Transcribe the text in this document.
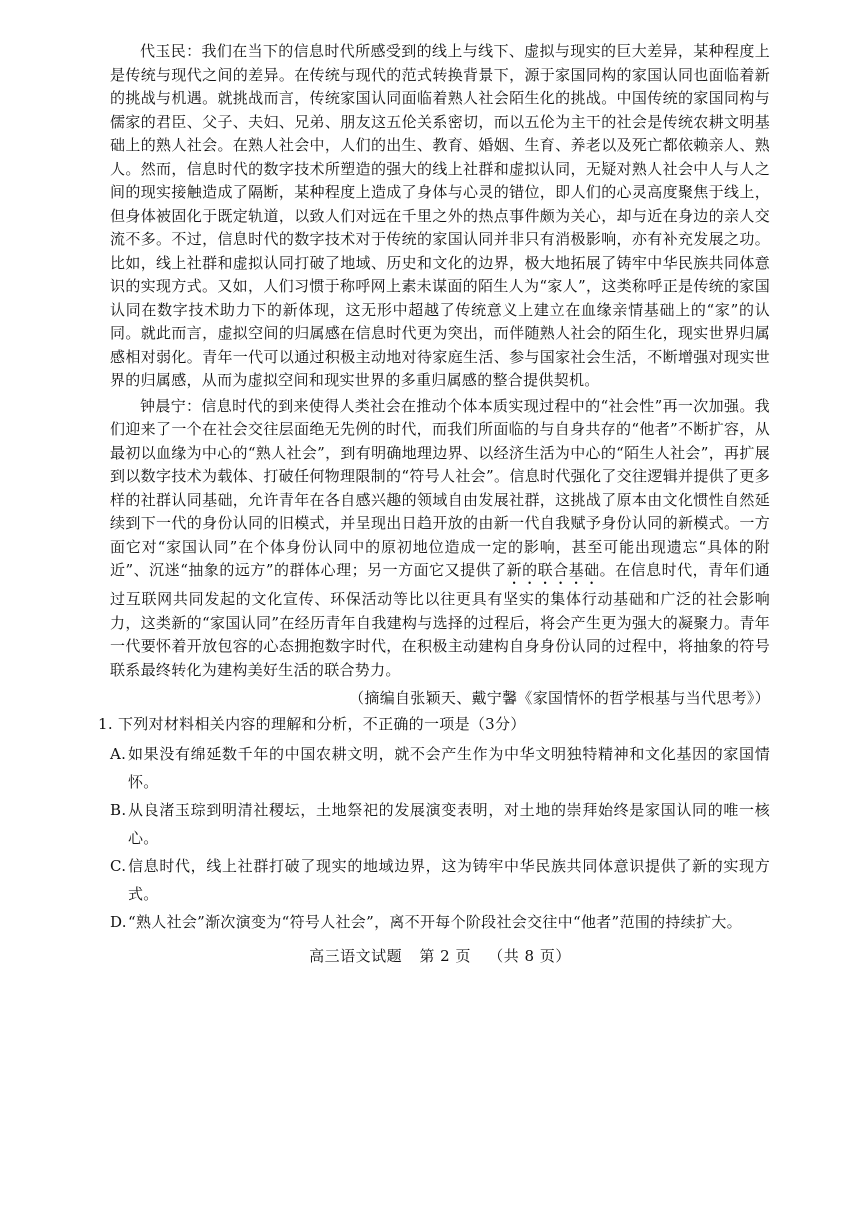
代玉民：我们在当下的信息时代所感受到的线上与线下、虚拟与现实的巨大差异，某种程度上是传统与现代之间的差异。在传统与现代的范式转换背景下，源于家国同构的家国认同也面临着新的挑战与机遇。就挑战而言，传统家国认同面临着熟人社会陌生化的挑战。中国传统的家国同构与儒家的君臣、父子、夫妇、兄弟、朋友这五伦关系密切，而以五伦为主干的社会是传统农耕文明基础上的熟人社会。在熟人社会中，人们的出生、教育、婚姻、生育、养老以及死亡都依赖亲人、熟人。然而，信息时代的数字技术所塑造的强大的线上社群和虚拟认同，无疑对熟人社会中人与人之间的现实接触造成了隔断，某种程度上造成了身体与心灵的错位，即人们的心灵高度聚焦于线上，但身体被固化于既定轨道，以致人们对远在千里之外的热点事件颇为关心，却与近在身边的亲人交流不多。不过，信息时代的数字技术对于传统的家国认同并非只有消极影响，亦有补充发展之功。比如，线上社群和虚拟认同打破了地域、历史和文化的边界，极大地拓展了铸牢中华民族共同体意识的实现方式。又如，人们习惯于称呼网上素未谋面的陌生人为“家人”，这类称呼正是传统的家国认同在数字技术助力下的新体现，这无形中超越了传统意义上建立在血缘亲情基础上的“家”的认同。就此而言，虚拟空间的归属感在信息时代更为突出，而伴随熟人社会的陌生化，现实世界归属感相对弱化。青年一代可以通过积极主动地对待家庭生活、参与国家社会生活，不断增强对现实世界的归属感，从而为虚拟空间和现实世界的多重归属感的整合提供契机。

钟晨宁：信息时代的到来使得人类社会在推动个体本质实现过程中的“社会性”再一次加强。我们迎来了一个在社会交往层面绝无先例的时代，而我们所面临的与自身共存的“他者”不断扩容，从最初以血缘为中心的“熟人社会”，到有明确地理边界、以经济生活为中心的“陌生人社会”，再扩展到以数字技术为载体、打破任何物理限制的“符号人社会”。信息时代强化了交往逻辑并提供了更多样的社群认同基础，允许青年在各自感兴趣的领域自由发展社群，这挑战了原本由文化惯性自然延续到下一代的身份认同的旧模式，并呈现出日趋开放的由新一代自我赋予身份认同的新模式。一方面它对“家国认同”在个体身份认同中的原初地位造成一定的影响，甚至可能出现遗忘“具体的附近”、沉迷“抽象的远方”的群体心理；另一方面它又提供了新的联合基础。在信息时代，青年们通过互联网共同发起的文化宣传、环保活动等比以往更具有坚实的集体行动基础和广泛的社会影响力，这类新的“家国认同”在经历青年自我建构与选择的过程后，将会产生更为强大的凝聚力。青年一代要怀着开放包容的心态拥抱数字时代，在积极主动建构自身身份认同的过程中，将抽象的符号联系最终转化为建构美好生活的联合势力。

（摘编自张颖天、戴宁馨《家国情怀的哲学根基与当代思考》）
1. 下列对材料相关内容的理解和分析，不正确的一项是（3分）
A. 如果没有绵延数千年的中国农耕文明，就不会产生作为中华文明独特精神和文化基因的家国情怀。
B. 从良渚玉琮到明清社稷坛，土地祭祀的发展演变表明，对土地的崇拜始终是家国认同的唯一核心。
C. 信息时代，线上社群打破了现实的地域边界，这为铸牢中华民族共同体意识提供了新的实现方式。
D. “熟人社会”渐次演变为“符号人社会”，离不开每个阶段社会交往中“他者”范围的持续扩大。
高三语文试题 第 2 页 （共 8 页）
